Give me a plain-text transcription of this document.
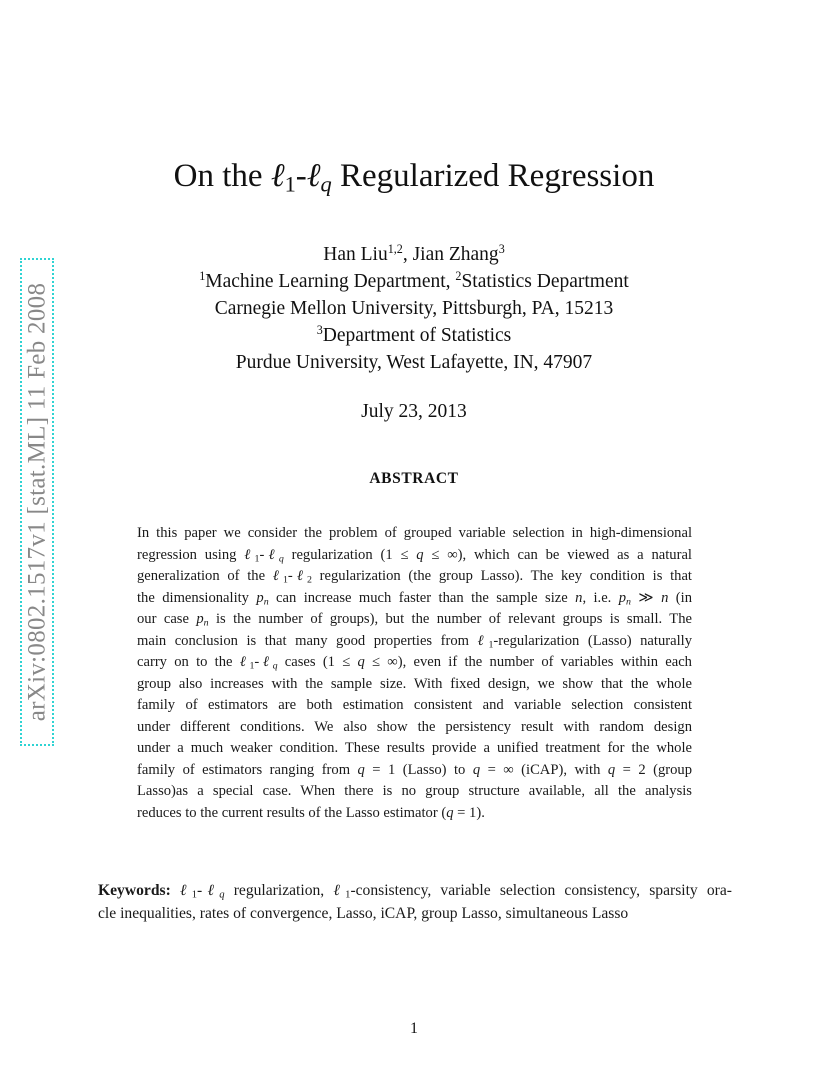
arXiv:0802.1517v1 [stat.ML] 11 Feb 2008
On the ℓ$_1$-ℓ$_q$ Regularized Regression
Han Liu$^{1,2}$, Jian Zhang$^3$
$^1$Machine Learning Department, $^2$Statistics Department
Carnegie Mellon University, Pittsburgh, PA, 15213
$^3$Department of Statistics
Purdue University, West Lafayette, IN, 47907
July 23, 2013
ABSTRACT
In this paper we consider the problem of grouped variable selection in high-dimensional
regression using ℓ$_1$-ℓ$_q$ regularization (1 ≤ q ≤ ∞), which can be viewed as a natural
generalization of the ℓ$_1$-ℓ$_2$ regularization (the group Lasso). The key condition is that
the dimensionality $p_n$ can increase much faster than the sample size n, i.e. $p_n$ ≫ n (in
our case $p_n$ is the number of groups), but the number of relevant groups is small. The
main conclusion is that many good properties from ℓ$_1$-regularization (Lasso) naturally
carry on to the ℓ$_1$-ℓ$_q$ cases (1 ≤ q ≤ ∞), even if the number of variables within each
group also increases with the sample size. With fixed design, we show that the whole
family of estimators are both estimation consistent and variable selection consistent
under different conditions. We also show the persistency result with random design
under a much weaker condition. These results provide a unified treatment for the whole
family of estimators ranging from q = 1 (Lasso) to q = ∞ (iCAP), with q = 2 (group
Lasso)as a special case. When there is no group structure available, all the analysis
reduces to the current results of the Lasso estimator (q = 1).
Keywords: ℓ$_1$-ℓ$_q$ regularization, ℓ$_1$-consistency, variable selection consistency, sparsity ora-
cle inequalities, rates of convergence, Lasso, iCAP, group Lasso, simultaneous Lasso
1
